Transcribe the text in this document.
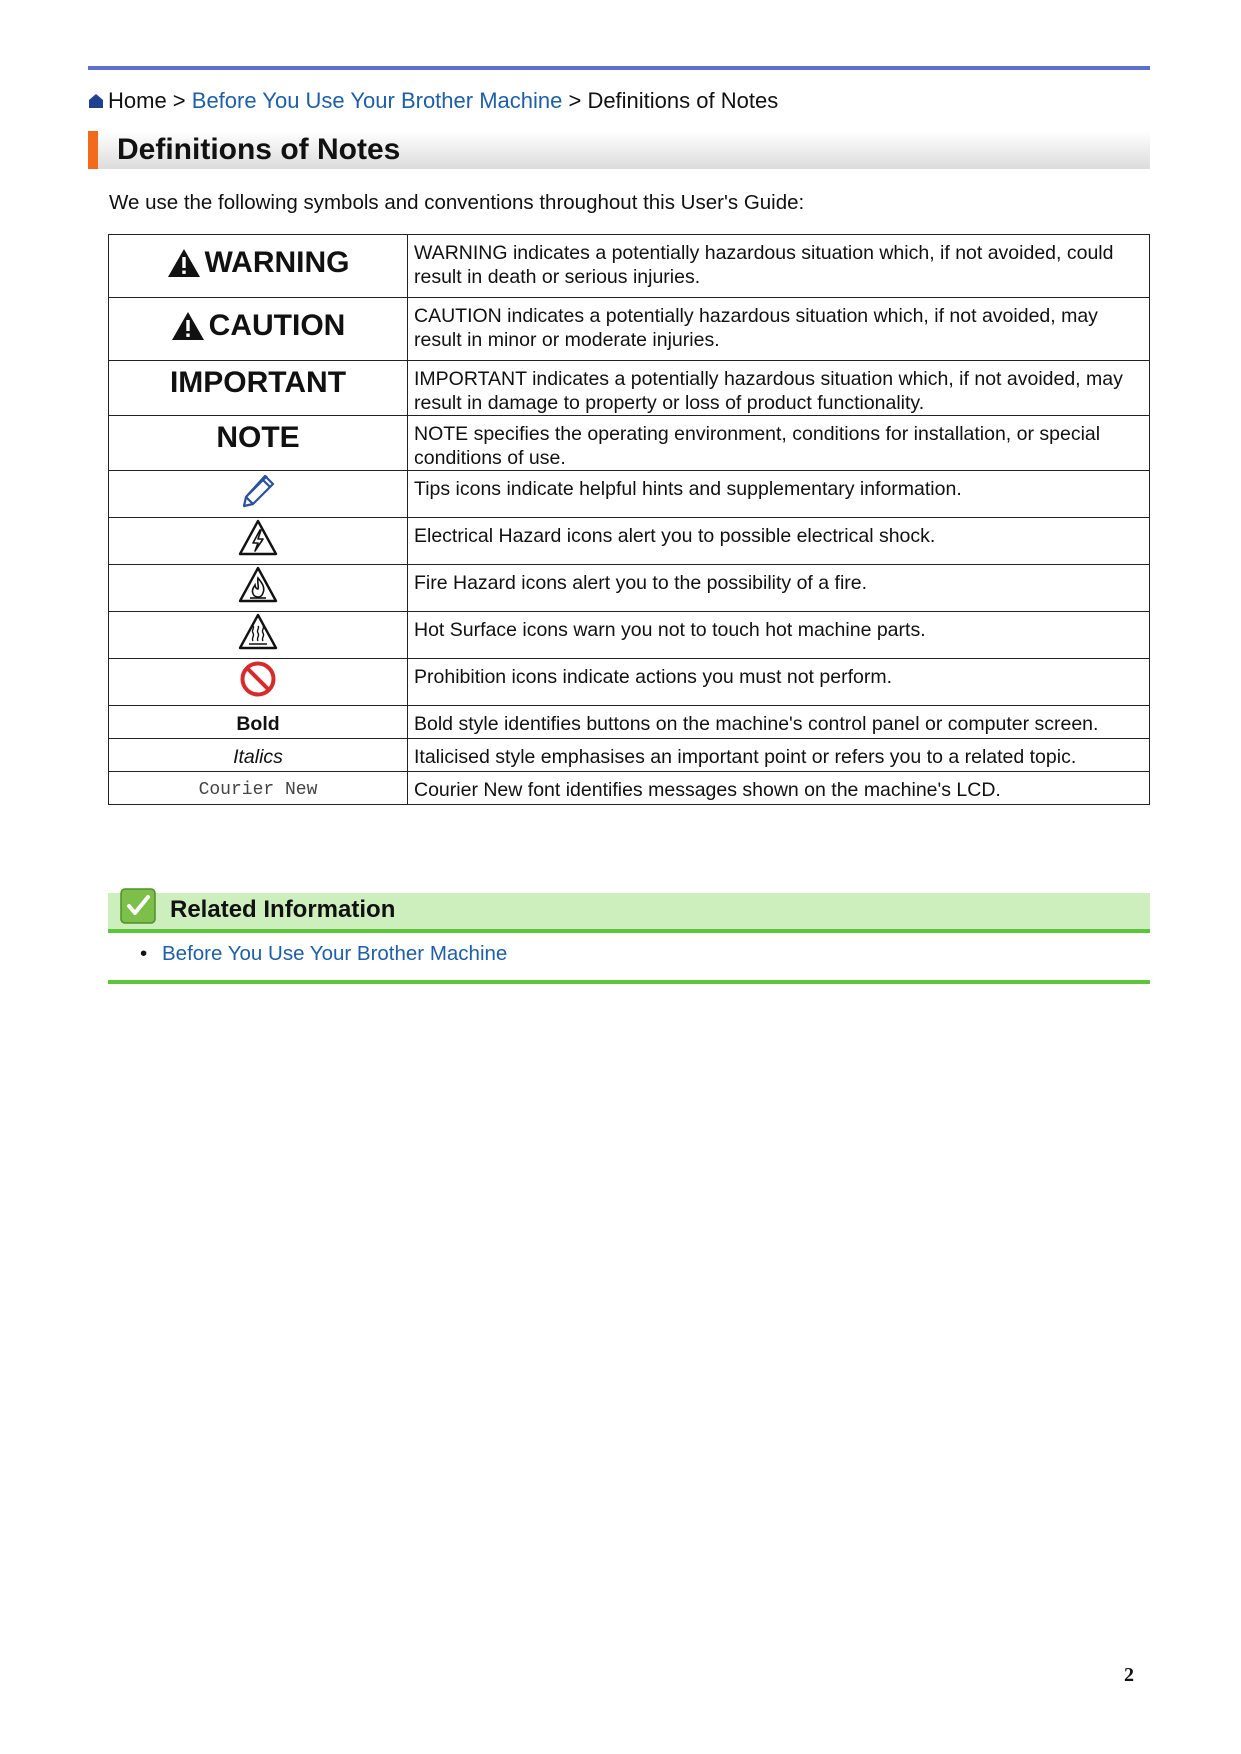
Home > Before You Use Your Brother Machine > Definitions of Notes
Definitions of Notes
We use the following symbols and conventions throughout this User's Guide:
WARNING	WARNING indicates a potentially hazardous situation which, if not avoided, could result in death or serious injuries.

CAUTION	CAUTION indicates a potentially hazardous situation which, if not avoided, may result in minor or moderate injuries.

IMPORTANT	IMPORTANT indicates a potentially hazardous situation which, if not avoided, may result in damage to property or loss of product functionality.

NOTE	NOTE specifies the operating environment, conditions for installation, or special conditions of use.
	Tips icons indicate helpful hints and supplementary information.
	Electrical Hazard icons alert you to possible electrical shock.
	Fire Hazard icons alert you to the possibility of a fire.
	Hot Surface icons warn you not to touch hot machine parts.
	Prohibition icons indicate actions you must not perform.
Bold	Bold style identifies buttons on the machine's control panel or computer screen.
Italics	Italicised style emphasises an important point or refers you to a related topic.
Courier New	Courier New font identifies messages shown on the machine's LCD.
Related Information
• Before You Use Your Brother Machine
2
